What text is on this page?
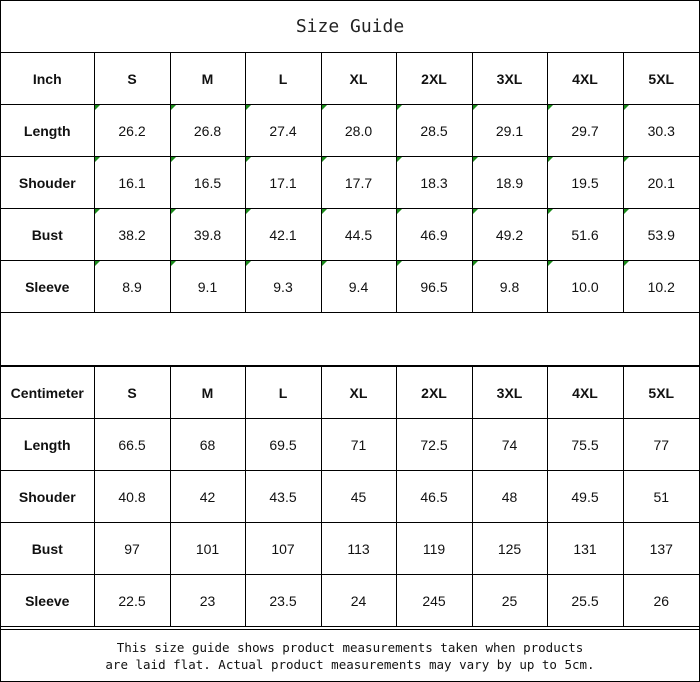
Size Guide
Inch	S	M	L	XL	2XL	3XL	4XL	5XL
Length	26.2	26.8	27.4	28.0	28.5	29.1	29.7	30.3
Shouder	16.1	16.5	17.1	17.7	18.3	18.9	19.5	20.1
Bust	38.2	39.8	42.1	44.5	46.9	49.2	51.6	53.9
Sleeve	8.9	9.1	9.3	9.4	96.5	9.8	10.0	10.2
Centimeter	S	M	L	XL	2XL	3XL	4XL	5XL
Length	66.5	68	69.5	71	72.5	74	75.5	77
Shouder	40.8	42	43.5	45	46.5	48	49.5	51
Bust	97	101	107	113	119	125	131	137
Sleeve	22.5	23	23.5	24	245	25	25.5	26
This size guide shows product measurements taken when products
are laid flat. Actual product measurements may vary by up to 5cm.
